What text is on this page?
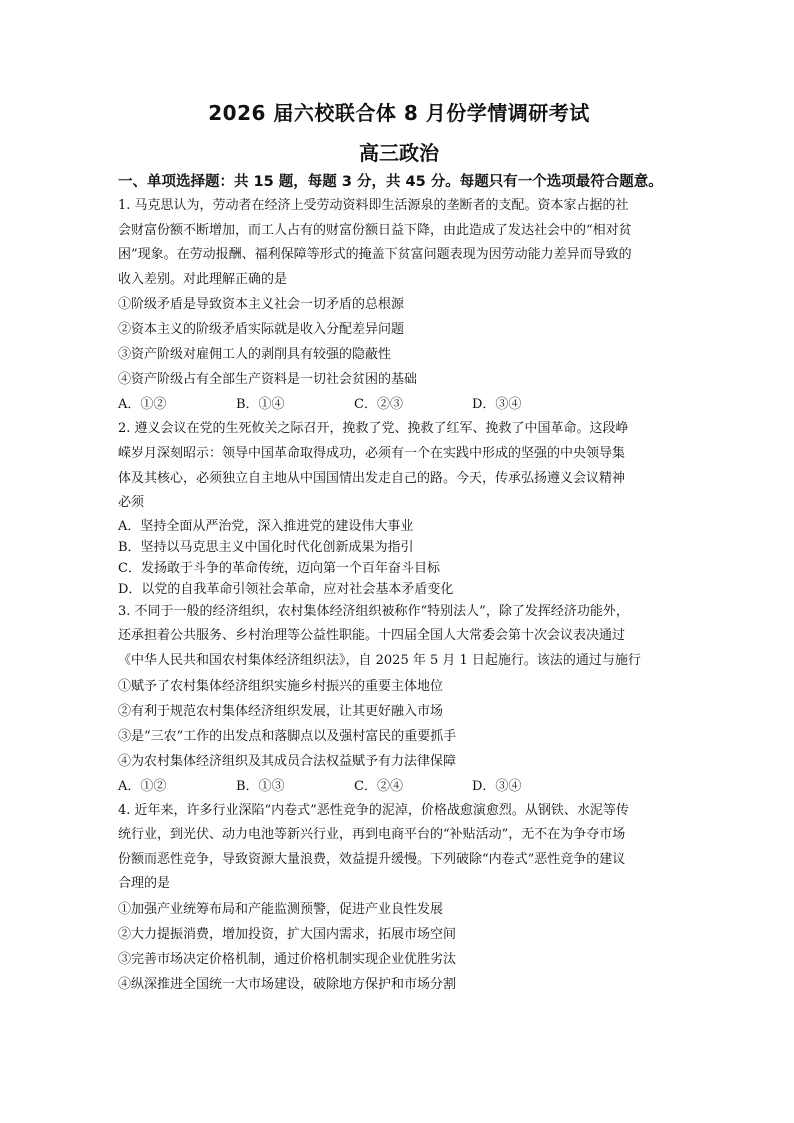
2026 届六校联合体 8 月份学情调研考试
高三政治
一、单项选择题：共 15 题，每题 3 分，共 45 分。每题只有一个选项最符合题意。

1. 马克思认为，劳动者在经济上受劳动资料即生活源泉的垄断者的支配。资本家占据的社

会财富份额不断增加，而工人占有的财富份额日益下降，由此造成了发达社会中的“相对贫

困”现象。在劳动报酬、福利保障等形式的掩盖下贫富问题表现为因劳动能力差异而导致的

收入差别。对此理解正确的是

①阶级矛盾是导致资本主义社会一切矛盾的总根源

②资本主义的阶级矛盾实际就是收入分配差异问题

③资产阶级对雇佣工人的剥削具有较强的隐蔽性

④资产阶级占有全部生产资料是一切社会贫困的基础

A．①②	B．①④	C．②③	D．③④

2. 遵义会议在党的生死攸关之际召开，挽救了党、挽救了红军、挽救了中国革命。这段峥

嵘岁月深刻昭示：领导中国革命取得成功，必须有一个在实践中形成的坚强的中央领导集

体及其核心，必须独立自主地从中国国情出发走自己的路。今天，传承弘扬遵义会议精神

必须

A．坚持全面从严治党，深入推进党的建设伟大事业

B．坚持以马克思主义中国化时代化创新成果为指引

C．发扬敢于斗争的革命传统，迈向第一个百年奋斗目标

D．以党的自我革命引领社会革命，应对社会基本矛盾变化

3. 不同于一般的经济组织，农村集体经济组织被称作“特别法人”，除了发挥经济功能外，

还承担着公共服务、乡村治理等公益性职能。十四届全国人大常委会第十次会议表决通过

《中华人民共和国农村集体经济组织法》，自 2025 年 5 月 1 日起施行。该法的通过与施行

①赋予了农村集体经济组织实施乡村振兴的重要主体地位

②有利于规范农村集体经济组织发展，让其更好融入市场

③是“三农”工作的出发点和落脚点以及强村富民的重要抓手

④为农村集体经济组织及其成员合法权益赋予有力法律保障

A．①②	B．①③	C．②④	D．③④

4. 近年来，许多行业深陷“内卷式”恶性竞争的泥淖，价格战愈演愈烈。从钢铁、水泥等传

统行业，到光伏、动力电池等新兴行业，再到电商平台的“补贴活动”，无不在为争夺市场

份额而恶性竞争，导致资源大量浪费，效益提升缓慢。下列破除“内卷式”恶性竞争的建议

合理的是

①加强产业统筹布局和产能监测预警，促进产业良性发展

②大力提振消费，增加投资，扩大国内需求，拓展市场空间

③完善市场决定价格机制，通过价格机制实现企业优胜劣汰

④纵深推进全国统一大市场建设，破除地方保护和市场分割
